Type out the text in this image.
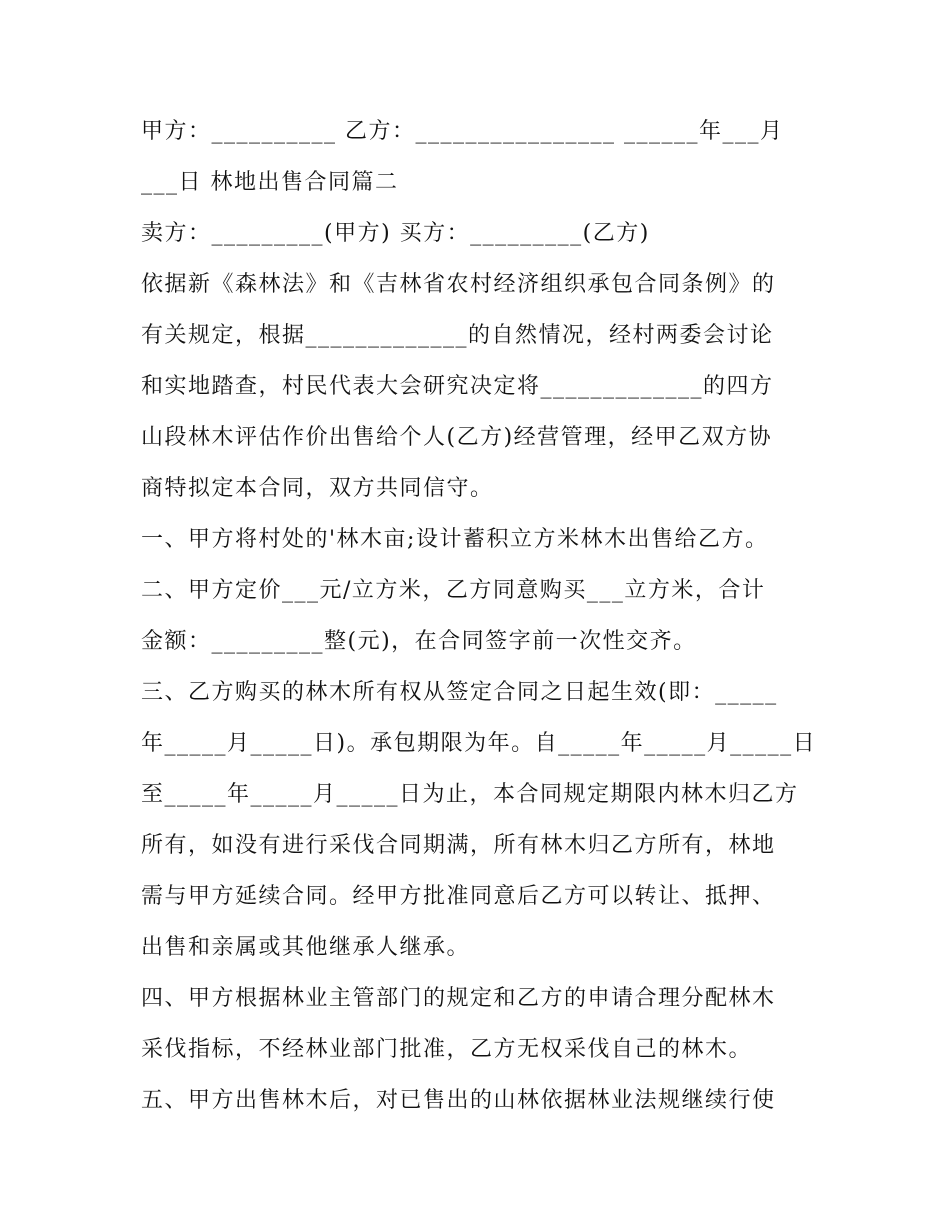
甲方：__________ 乙方：________________ ______年___月
___日 林地出售合同篇二
卖方：_________(甲方) 买方：_________(乙方)
依据新《森林法》和《吉林省农村经济组织承包合同条例》的
有关规定，根据_____________的自然情况，经村两委会讨论
和实地踏查，村民代表大会研究决定将_____________的四方
山段林木评估作价出售给个人(乙方)经营管理，经甲乙双方协
商特拟定本合同，双方共同信守。
一、甲方将村处的'林木亩;设计蓄积立方米林木出售给乙方。
二、甲方定价___元/立方米，乙方同意购买___立方米，合计
金额：_________整(元)，在合同签字前一次性交齐。
三、乙方购买的林木所有权从签定合同之日起生效(即：_____
年_____月_____日)。承包期限为年。自_____年_____月_____日
至_____年_____月_____日为止，本合同规定期限内林木归乙方
所有，如没有进行采伐合同期满，所有林木归乙方所有，林地
需与甲方延续合同。经甲方批准同意后乙方可以转让、抵押、
出售和亲属或其他继承人继承。
四、甲方根据林业主管部门的规定和乙方的申请合理分配林木
采伐指标，不经林业部门批准，乙方无权采伐自己的林木。
五、甲方出售林木后，对已售出的山林依据林业法规继续行使
